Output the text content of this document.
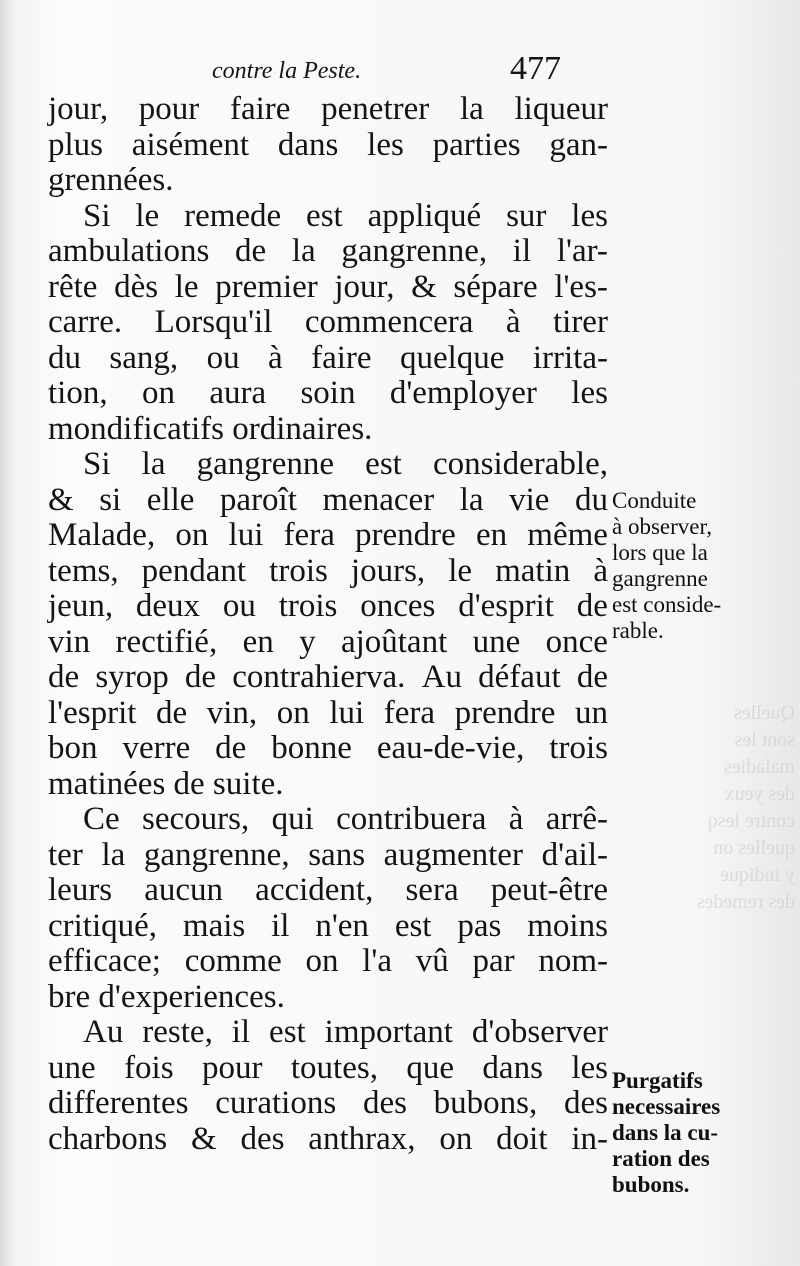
Quelles
sont les
maladies
des yeux
contre lesq
quelles on
y indique
des remedes
contre la Peste.	477
jour, pour faire penetrer la liqueur
plus aisément dans les parties gan-
grennées.
Si le remede est appliqué sur les
ambulations de la gangrenne, il l'ar-
rête dès le premier jour, & sépare l'es-
carre. Lorsqu'il commencera à tirer
du sang, ou à faire quelque irrita-
tion, on aura soin d'employer les
mondificatifs ordinaires.
Si la gangrenne est considerable,
& si elle paroît menacer la vie du
Malade, on lui fera prendre en même
tems, pendant trois jours, le matin à
jeun, deux ou trois onces d'esprit de
vin rectifié, en y ajoûtant une once
de syrop de contrahierva. Au défaut de
l'esprit de vin, on lui fera prendre un
bon verre de bonne eau-de-vie, trois
matinées de suite.
Ce secours, qui contribuera à arrê-
ter la gangrenne, sans augmenter d'ail-
leurs aucun accident, sera peut-être
critiqué, mais il n'en est pas moins
efficace; comme on l'a vû par nom-
bre d'experiences.
Au reste, il est important d'observer
une fois pour toutes, que dans les
differentes curations des bubons, des
charbons & des anthrax, on doit in-
Conduite
à observer,
lors que la
gangrenne
est conside-
rable.
Purgatifs
necessaires
dans la cu-
ration des
bubons.
